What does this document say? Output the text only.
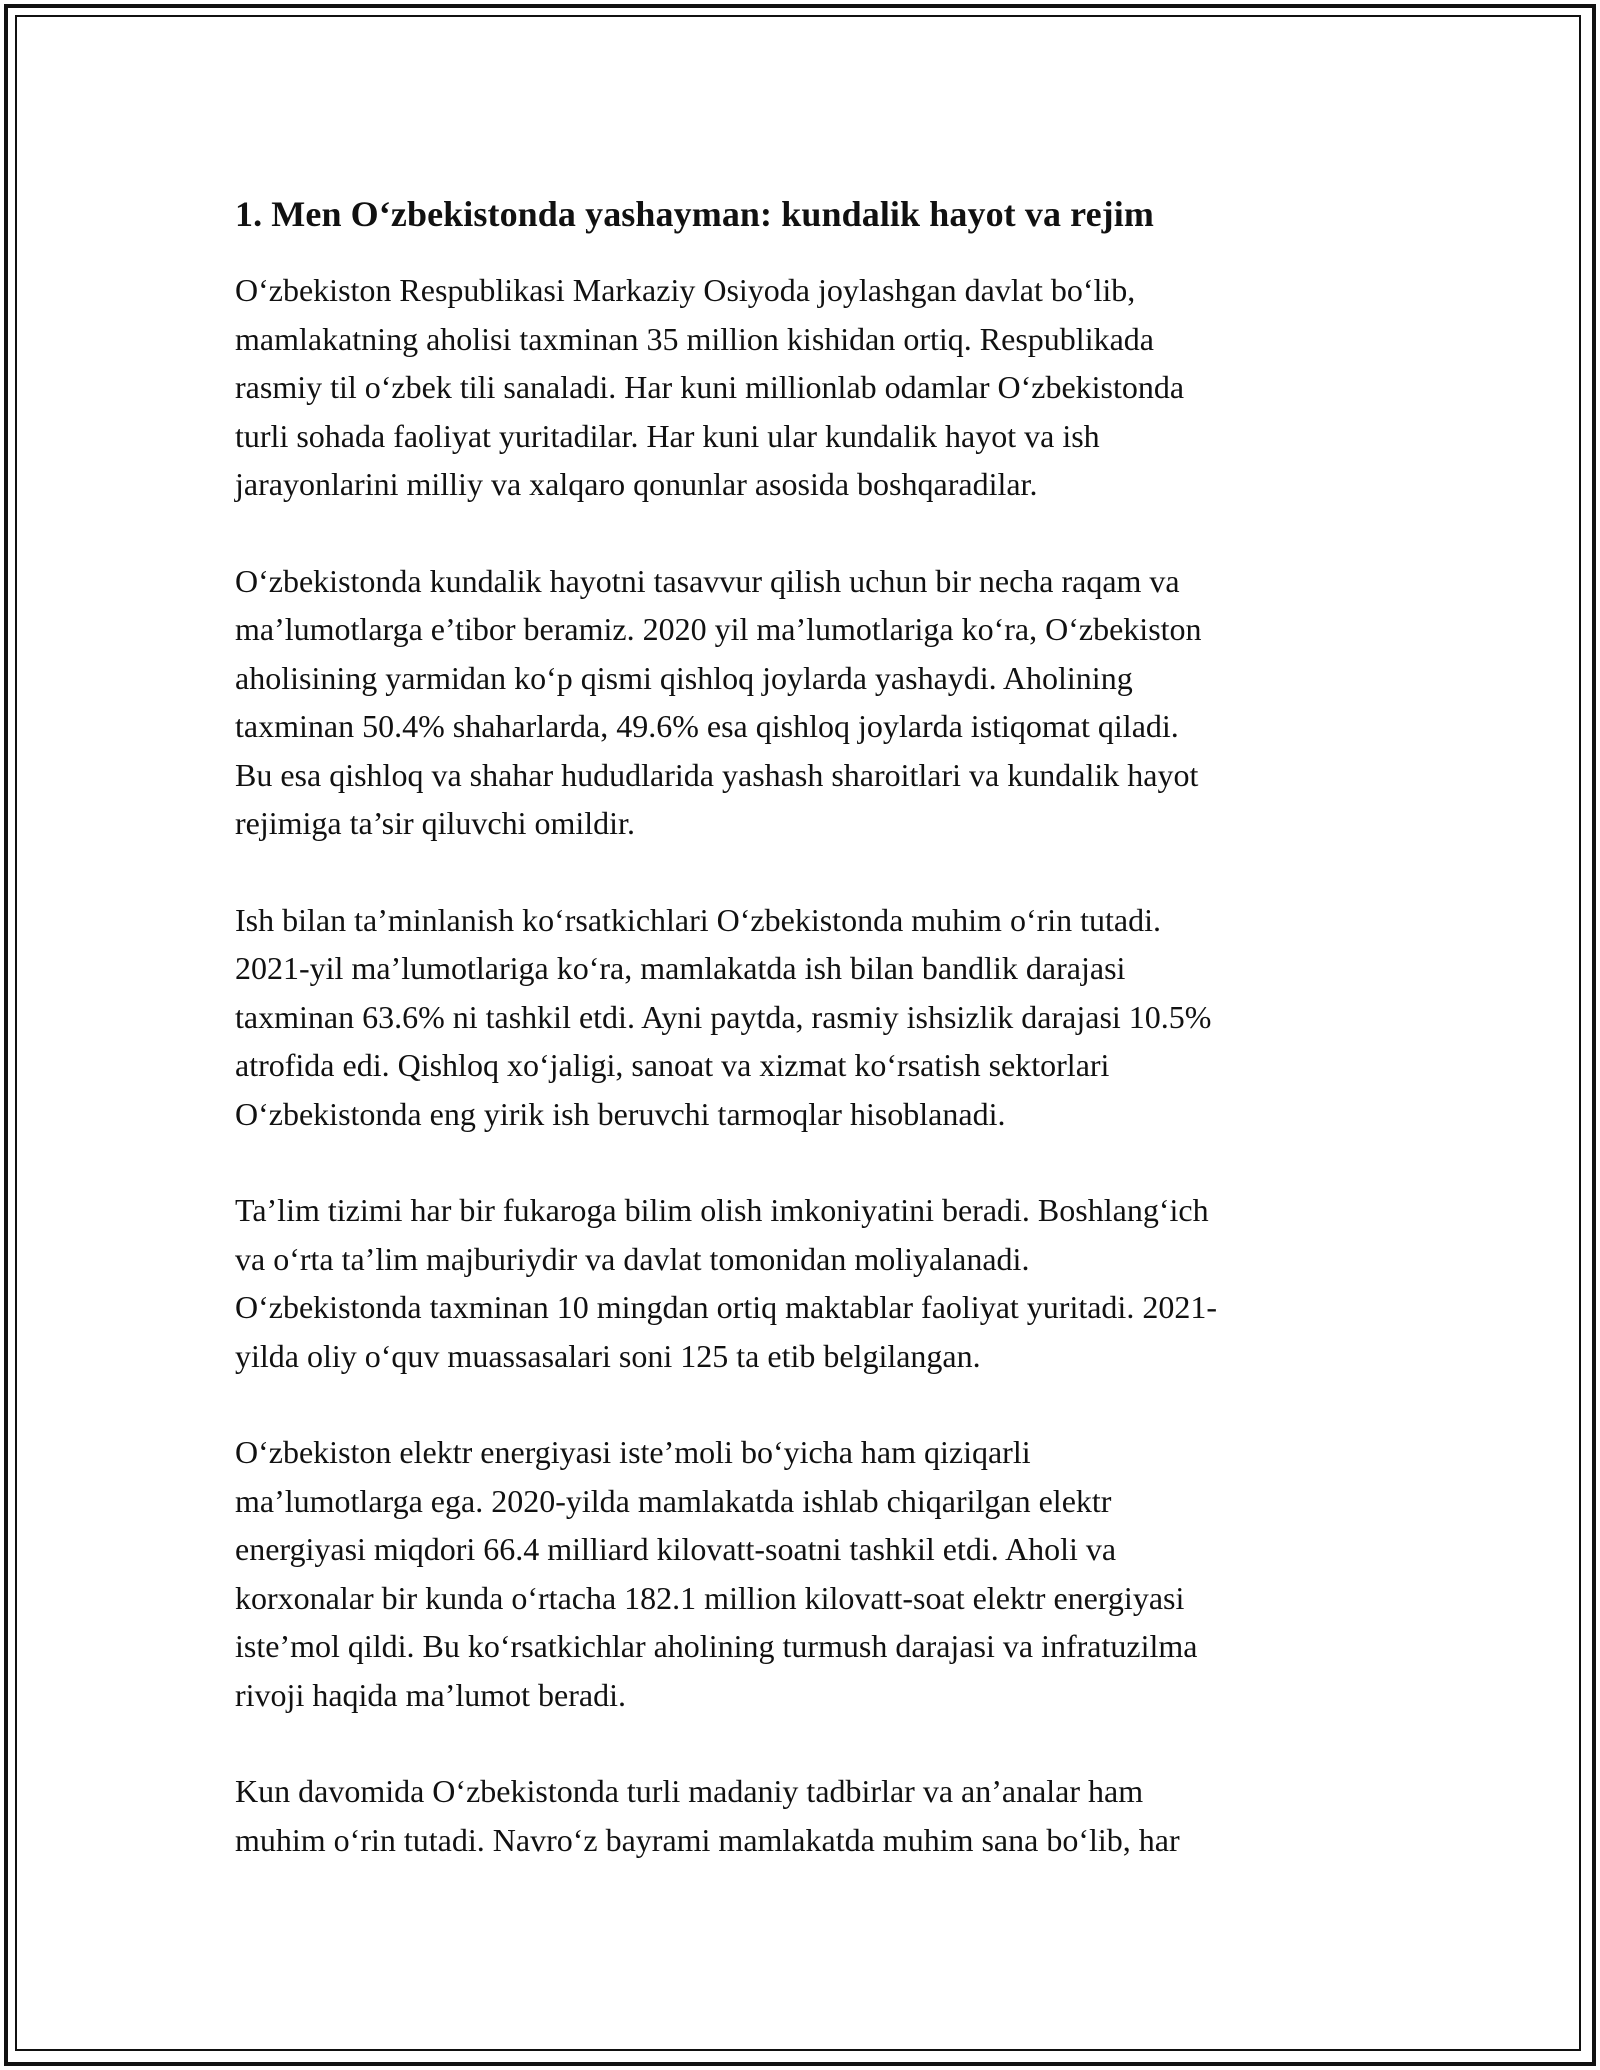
1. Men O‘zbekistonda yashayman: kundalik hayot va rejim

O‘zbekiston Respublikasi Markaziy Osiyoda joylashgan davlat bo‘lib,
mamlakatning aholisi taxminan 35 million kishidan ortiq. Respublikada
rasmiy til o‘zbek tili sanaladi. Har kuni millionlab odamlar O‘zbekistonda
turli sohada faoliyat yuritadilar. Har kuni ular kundalik hayot va ish
jarayonlarini milliy va xalqaro qonunlar asosida boshqaradilar.

O‘zbekistonda kundalik hayotni tasavvur qilish uchun bir necha raqam va
ma’lumotlarga e’tibor beramiz. 2020 yil ma’lumotlariga ko‘ra, O‘zbekiston
aholisining yarmidan ko‘p qismi qishloq joylarda yashaydi. Aholining
taxminan 50.4% shaharlarda, 49.6% esa qishloq joylarda istiqomat qiladi.
Bu esa qishloq va shahar hududlarida yashash sharoitlari va kundalik hayot
rejimiga ta’sir qiluvchi omildir.

Ish bilan ta’minlanish ko‘rsatkichlari O‘zbekistonda muhim o‘rin tutadi.
2021-yil ma’lumotlariga ko‘ra, mamlakatda ish bilan bandlik darajasi
taxminan 63.6% ni tashkil etdi. Ayni paytda, rasmiy ishsizlik darajasi 10.5%
atrofida edi. Qishloq xo‘jaligi, sanoat va xizmat ko‘rsatish sektorlari
O‘zbekistonda eng yirik ish beruvchi tarmoqlar hisoblanadi.

Ta’lim tizimi har bir fukaroga bilim olish imkoniyatini beradi. Boshlang‘ich
va o‘rta ta’lim majburiydir va davlat tomonidan moliyalanadi.
O‘zbekistonda taxminan 10 mingdan ortiq maktablar faoliyat yuritadi. 2021-
yilda oliy o‘quv muassasalari soni 125 ta etib belgilangan.

O‘zbekiston elektr energiyasi iste’moli bo‘yicha ham qiziqarli
ma’lumotlarga ega. 2020-yilda mamlakatda ishlab chiqarilgan elektr
energiyasi miqdori 66.4 milliard kilovatt-soatni tashkil etdi. Aholi va
korxonalar bir kunda o‘rtacha 182.1 million kilovatt-soat elektr energiyasi
iste’mol qildi. Bu ko‘rsatkichlar aholining turmush darajasi va infratuzilma
rivoji haqida ma’lumot beradi.

Kun davomida O‘zbekistonda turli madaniy tadbirlar va an’analar ham
muhim o‘rin tutadi. Navro‘z bayrami mamlakatda muhim sana bo‘lib, har
